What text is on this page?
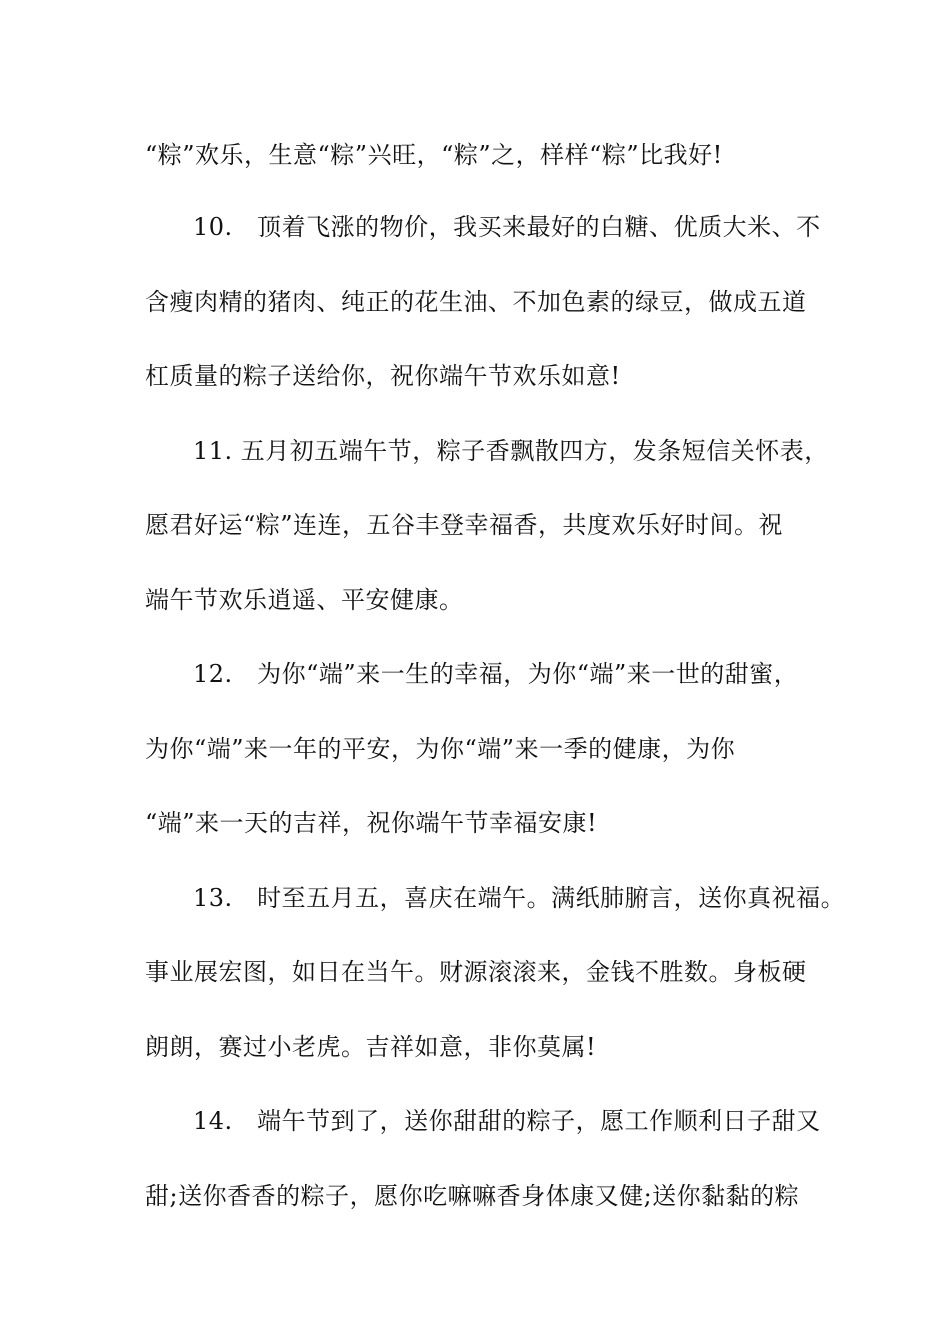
“粽”欢乐，生意“粽”兴旺，“粽”之，样样“粽”比我好!
10.　顶着飞涨的物价，我买来最好的白糖、优质大米、不
含瘦肉精的猪肉、纯正的花生油、不加色素的绿豆，做成五道
杠质量的粽子送给你，祝你端午节欢乐如意!
11. 五月初五端午节，粽子香飘散四方，发条短信关怀表，
愿君好运“粽”连连，五谷丰登幸福香，共度欢乐好时间。祝
端午节欢乐逍遥、平安健康。
12.　为你“端”来一生的幸福，为你“端”来一世的甜蜜，
为你“端”来一年的平安，为你“端”来一季的健康，为你
“端”来一天的吉祥，祝你端午节幸福安康!
13.　时至五月五，喜庆在端午。满纸肺腑言，送你真祝福。
事业展宏图，如日在当午。财源滚滚来，金钱不胜数。身板硬
朗朗，赛过小老虎。吉祥如意，非你莫属!
14.　端午节到了，送你甜甜的粽子，愿工作顺利日子甜又
甜;送你香香的粽子，愿你吃嘛嘛香身体康又健;送你黏黏的粽
